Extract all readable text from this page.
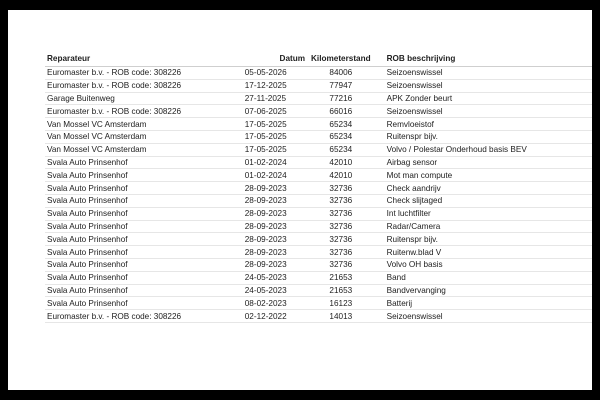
Reparateur	Datum	Kilometerstand	ROB beschrijving
Euromaster b.v. - ROB code: 308226	05-05-2026	84006	Seizoenswissel
Euromaster b.v. - ROB code: 308226	17-12-2025	77947	Seizoenswissel
Garage Buitenweg	27-11-2025	77216	APK Zonder beurt
Euromaster b.v. - ROB code: 308226	07-06-2025	66016	Seizoenswissel
Van Mossel VC Amsterdam	17-05-2025	65234	Remvloeistof
Van Mossel VC Amsterdam	17-05-2025	65234	Ruitenspr bijv.
Van Mossel VC Amsterdam	17-05-2025	65234	Volvo / Polestar Onderhoud basis BEV
Svala Auto Prinsenhof	01-02-2024	42010	Airbag sensor
Svala Auto Prinsenhof	01-02-2024	42010	Mot man compute
Svala Auto Prinsenhof	28-09-2023	32736	Check aandrijv
Svala Auto Prinsenhof	28-09-2023	32736	Check slijtaged
Svala Auto Prinsenhof	28-09-2023	32736	Int luchtfilter
Svala Auto Prinsenhof	28-09-2023	32736	Radar/Camera
Svala Auto Prinsenhof	28-09-2023	32736	Ruitenspr bijv.
Svala Auto Prinsenhof	28-09-2023	32736	Ruitenw.blad V
Svala Auto Prinsenhof	28-09-2023	32736	Volvo OH basis
Svala Auto Prinsenhof	24-05-2023	21653	Band
Svala Auto Prinsenhof	24-05-2023	21653	Bandvervanging
Svala Auto Prinsenhof	08-02-2023	16123	Batterij
Euromaster b.v. - ROB code: 308226	02-12-2022	14013	Seizoenswissel
